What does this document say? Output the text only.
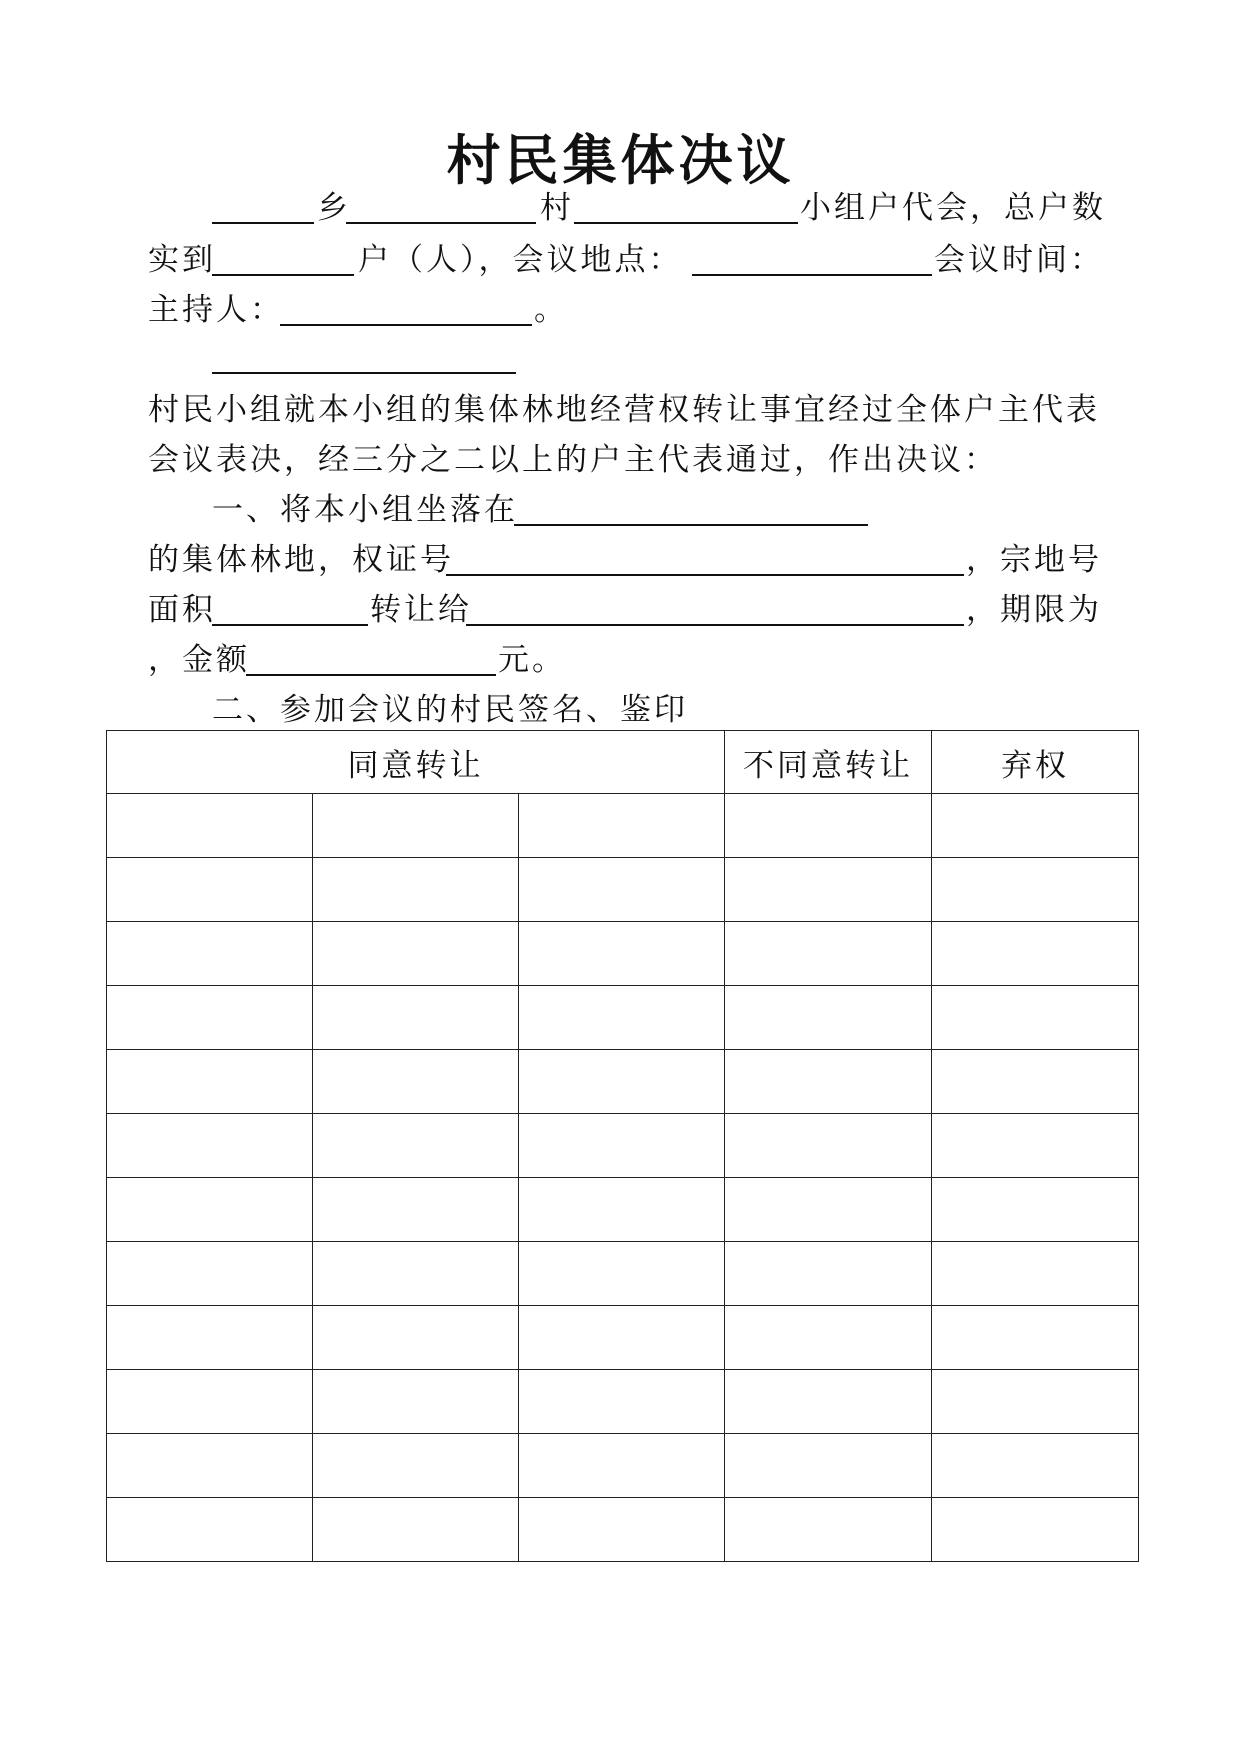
村民集体决议
乡	村	小组户代会，总户数
实到	户（人），会议地点：	会议时间：
主持人：	。
村民小组就本小组的集体林地经营权转让事宜经过全体户主代表
会议表决，经三分之二以上的户主代表通过，作出决议：
一、将本小组坐落在
的集体林地，权证号	，宗地号
面积	转让给	，期限为
，金额	元。
二、参加会议的村民签名、鉴印
同意转让			不同意转让	弃权
